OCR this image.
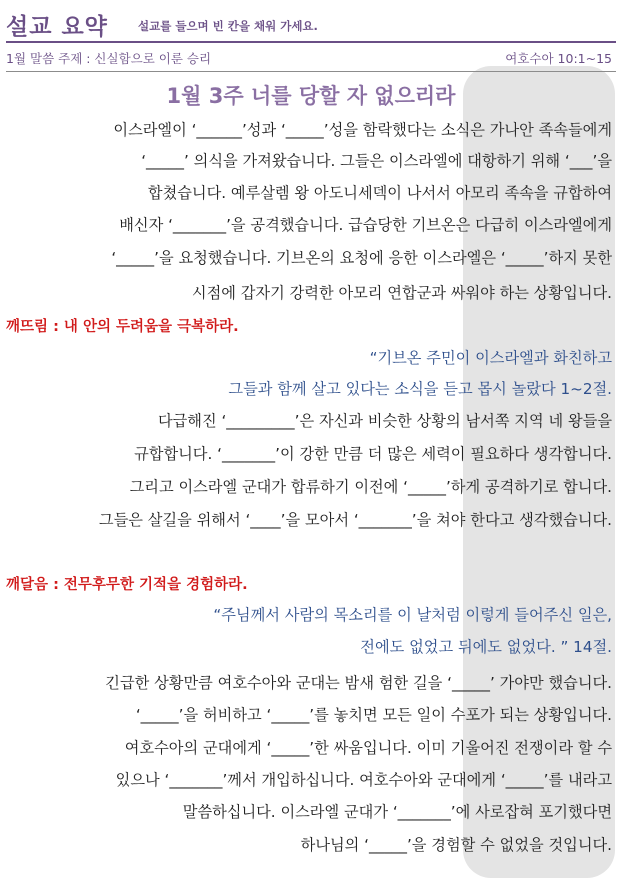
설교 요약	설교를 들으며 빈 칸을 채워 가세요.
1월 말씀 주제 : 신실함으로 이룬 승리	여호수아 10:1~15
1월 3주 너를 당할 자 없으리라
이스라엘이 ‘______’성과 ‘_____’성을 함락했다는 소식은 가나안 족속들에게
‘_____’ 의식을 가져왔습니다. 그들은 이스라엘에 대항하기 위해 ‘___’을
합쳤습니다. 예루살렘 왕 아도니세덱이 나서서 아모리 족속을 규합하여
배신자 ‘_______’을 공격했습니다. 급습당한 기브온은 다급히 이스라엘에게
‘_____’을 요청했습니다. 기브온의 요청에 응한 이스라엘은 ‘_____’하지 못한
시점에 갑자기 강력한 아모리 연합군과 싸워야 하는 상황입니다.
깨뜨림 : 내 안의 두려움을 극복하라.
“기브온 주민이 이스라엘과 화친하고
그들과 함께 살고 있다는 소식을 듣고 몹시 놀랐다 1~2절.
다급해진 ‘_________’은 자신과 비슷한 상황의 남서쪽 지역 네 왕들을
규합합니다. ‘_______’이 강한 만큼 더 많은 세력이 필요하다 생각합니다.
그리고 이스라엘 군대가 합류하기 이전에 ‘_____’하게 공격하기로 합니다.
그들은 살길을 위해서 ‘____’을 모아서 ‘_______’을 쳐야 한다고 생각했습니다.
깨달음 : 전무후무한 기적을 경험하라.
“주님께서 사람의 목소리를 이 날처럼 이렇게 들어주신 일은,
전에도 없었고 뒤에도 없었다. ” 14절.
긴급한 상황만큼 여호수아와 군대는 밤새 험한 길을 ‘_____’ 가야만 했습니다.
‘_____’을 허비하고 ‘_____’를 놓치면 모든 일이 수포가 되는 상황입니다.
여호수아의 군대에게 ‘_____’한 싸움입니다. 이미 기울어진 전쟁이라 할 수
있으나 ‘_______’께서 개입하십니다. 여호수아와 군대에게 ‘_____’를 내라고
말씀하십니다. 이스라엘 군대가 ‘_______’에 사로잡혀 포기했다면
하나님의 ‘_____’을 경험할 수 없었을 것입니다.
